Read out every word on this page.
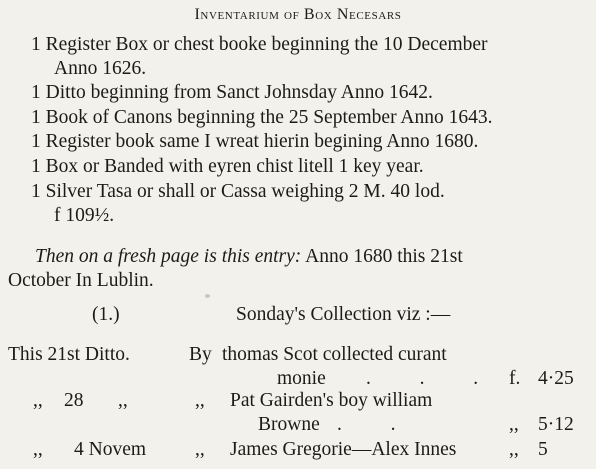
Inventarium of Box Necesars
1 Register Box or chest booke beginning the 10 December
Anno 1626.
1 Ditto beginning from Sanct Johnsday Anno 1642.
1 Book of Canons beginning the 25 September Anno 1643.
1 Register book same I wreat hierin begining Anno 1680.
1 Box or Banded with eyren chist litell 1 key year.
1 Silver Tasa or shall or Cassa weighing 2 M. 40 lod.
f 109½.
Then on a fresh page is this entry: Anno 1680 this 21st
October In Lublin.
(1.)	Sonday's Collection viz :—
This 21st Ditto.	By thomas Scot collected curant
monie .          .          . f. 4·25
,, 28 ,,	,, Pat Gairden's boy william
Browne .          .	,, 5·12
,, 4 Novem	,, James Gregorie—Alex Innes	,, 5
